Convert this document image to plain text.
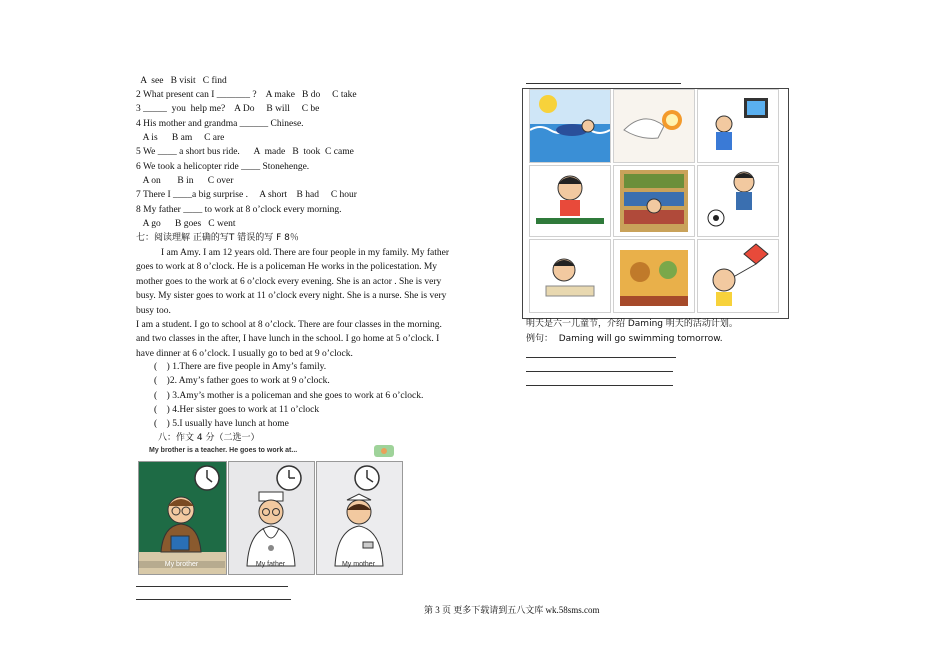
A  see   B visit   C find
2 What present can I _______ ?    A make   B do     C take
3 _____  you  help me?    A Do     B will     C be
4 His mother and grandma ______ Chinese.
A is      B am     C are
5 We ____ a short bus ride.      A  made   B  took  C came
6 We took a helicopter ride ____ Stonehenge.
A on       B in      C over
7 There I ____a big surprise .     A short    B had     C hour
8 My father ____ to work at 8 o’clock every morning.
A go      B goes   C went
七：阅读理解 正确的写T 错误的写 F 8％
I am Amy. I am 12 years old. There are four people in my family. My father
goes to work at 8 o’clock. He is a policeman He works in the policestation. My
mother goes to the work at 6 o’clock every evening. She is an actor . She is very
busy. My sister goes to work at 11 o’clock every night. She is a nurse. She is very
busy too.
I am a student. I go to school at 8 o’clock. There are four classes in the morning.
and two classes in the after, I have lunch in the school. I go home at 5 o’clock. I
have dinner at 6 o’clock. I usually go to bed at 9 o’clock.
(    ) 1.There are five people in Amy’s family.
(    )2. Amy’s father goes to work at 9 o’clock.
(    ) 3.Amy’s mother is a policeman and she goes to work at 6 o’clock.
(    ) 4.Her sister goes to work at 11 o’clock
(    ) 5.I usually have lunch at home
八：作文 4 分（二选一）
My brother is a teacher. He goes to work at...
My brother	My father	My mother
明天是六一儿童节，介绍 Daming 明天的活动计划。
例句：  Daming will go swimming tomorrow.
第 3 页 更多下载请到五八文库 wk.58sms.com
